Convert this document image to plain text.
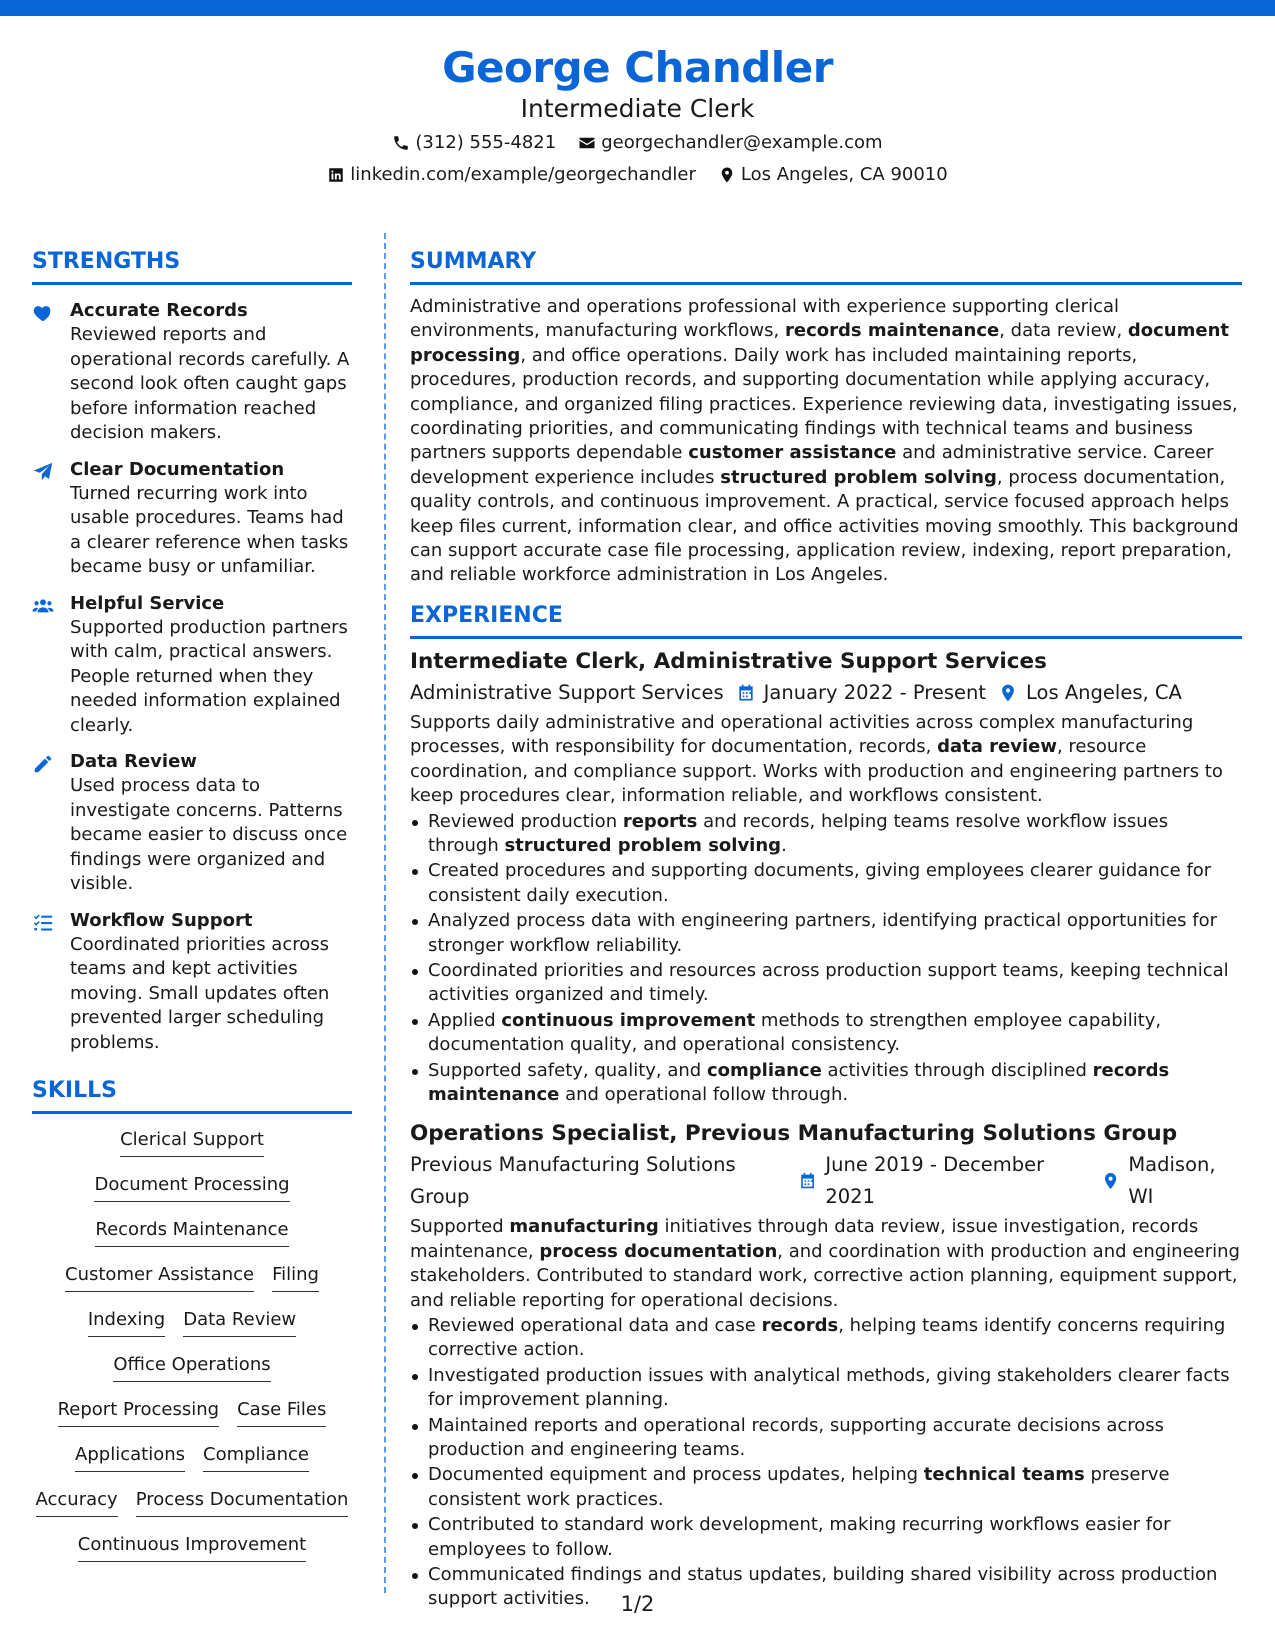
George Chandler
Intermediate Clerk
(312) 555-4821	georgechandler@example.com
linkedin.com/example/georgechandler	Los Angeles, CA 90010
STRENGTHS
Accurate Records
Reviewed reports and operational records carefully. A second look often caught gaps before information reached decision makers.
Clear Documentation
Turned recurring work into usable procedures. Teams had a clearer reference when tasks became busy or unfamiliar.
Helpful Service
Supported production partners with calm, practical answers. People returned when they needed information explained clearly.
Data Review
Used process data to investigate concerns. Patterns became easier to discuss once findings were organized and visible.
Workflow Support
Coordinated priorities across teams and kept activities moving. Small updates often prevented larger scheduling problems.
SKILLS
Clerical Support
Document Processing
Records Maintenance
Customer Assistance Filing
Indexing Data Review
Office Operations
Report Processing Case Files
Applications Compliance
Accuracy Process Documentation
Continuous Improvement
SUMMARY
Administrative and operations professional with experience supporting clerical environments, manufacturing workflows, records maintenance, data review, document processing, and office operations. Daily work has included maintaining reports, procedures, production records, and supporting documentation while applying accuracy, compliance, and organized filing practices. Experience reviewing data, investigating issues, coordinating priorities, and communicating findings with technical teams and business partners supports dependable customer assistance and administrative service. Career development experience includes structured problem solving, process documentation, quality controls, and continuous improvement. A practical, service focused approach helps keep files current, information clear, and office activities moving smoothly. This background can support accurate case file processing, application review, indexing, report preparation, and reliable workforce administration in Los Angeles.
EXPERIENCE
Intermediate Clerk, Administrative Support Services
Administrative Support Services January 2022 - Present Los Angeles, CA
Supports daily administrative and operational activities across complex manufacturing processes, with responsibility for documentation, records, data review, resource coordination, and compliance support. Works with production and engineering partners to keep procedures clear, information reliable, and workflows consistent.
Reviewed production reports and records, helping teams resolve workflow issues through structured problem solving.
Created procedures and supporting documents, giving employees clearer guidance for consistent daily execution.
Analyzed process data with engineering partners, identifying practical opportunities for stronger workflow reliability.
Coordinated priorities and resources across production support teams, keeping technical activities organized and timely.
Applied continuous improvement methods to strengthen employee capability, documentation quality, and operational consistency.
Supported safety, quality, and compliance activities through disciplined records maintenance and operational follow through.
Operations Specialist, Previous Manufacturing Solutions Group
Previous Manufacturing Solutions Group
June 2019 - December 2021
Madison, WI
Supported manufacturing initiatives through data review, issue investigation, records maintenance, process documentation, and coordination with production and engineering stakeholders. Contributed to standard work, corrective action planning, equipment support, and reliable reporting for operational decisions.
Reviewed operational data and case records, helping teams identify concerns requiring corrective action.
Investigated production issues with analytical methods, giving stakeholders clearer facts for improvement planning.
Maintained reports and operational records, supporting accurate decisions across production and engineering teams.
Documented equipment and process updates, helping technical teams preserve consistent work practices.
Contributed to standard work development, making recurring workflows easier for employees to follow.
Communicated findings and status updates, building shared visibility across production support activities.	1/2
